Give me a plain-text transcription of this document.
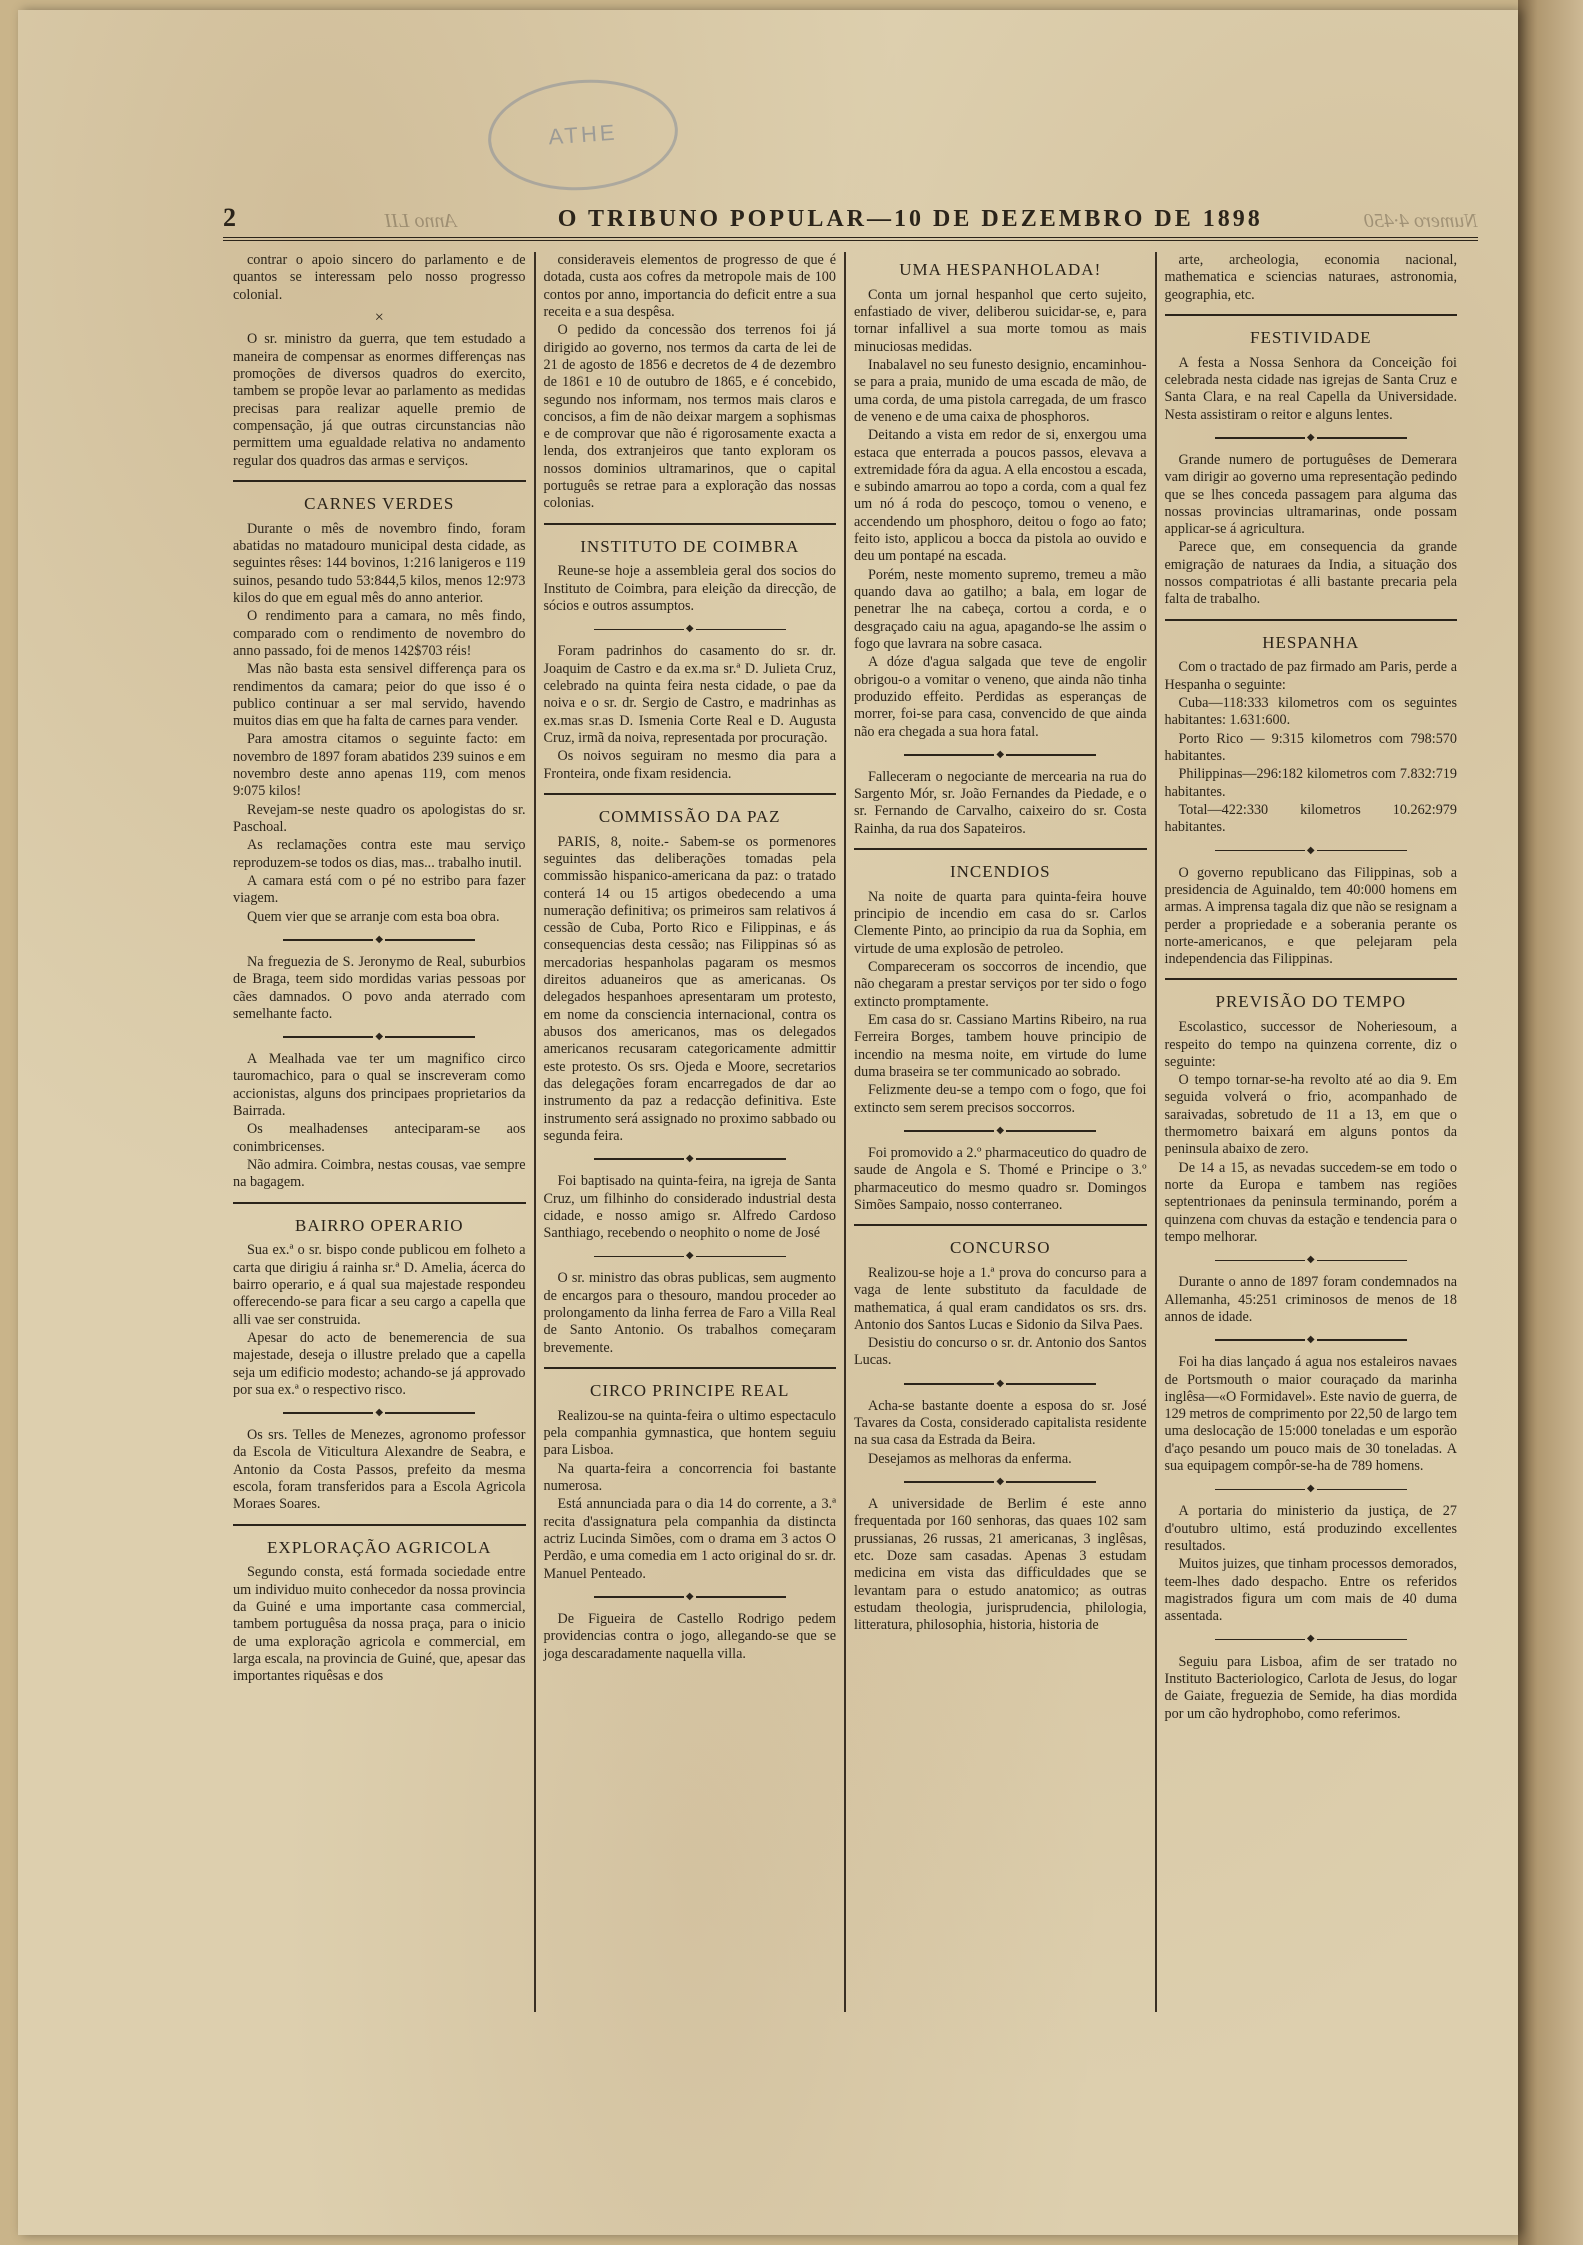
ATHE
2	Anno LII	O TRIBUNO POPULAR—10 DE DEZEMBRO DE 1898	Numero 4·450

contrar o apoio sincero do parlamento e de quantos se interessam pelo nosso progresso colonial.

×

O sr. ministro da guerra, que tem estudado a maneira de compensar as enormes differenças nas promoções de diversos quadros do exercito, tambem se propõe levar ao parlamento as medidas precisas para realizar aquelle premio de compensação, já que outras circunstancias não permittem uma egualdade relativa no andamento regular dos quadros das armas e serviços.

CARNES VERDES

Durante o mês de novembro findo, foram abatidas no matadouro municipal desta cidade, as seguintes rêses: 144 bovinos, 1:216 lanigeros e 119 suinos, pesando tudo 53:844,5 kilos, menos 12:973 kilos do que em egual mês do anno anterior.

O rendimento para a camara, no mês findo, comparado com o rendimento de novembro do anno passado, foi de menos 142$703 réis!

Mas não basta esta sensivel differença para os rendimentos da camara; peior do que isso é o publico continuar a ser mal servido, havendo muitos dias em que ha falta de carnes para vender.

Para amostra citamos o seguinte facto: em novembro de 1897 foram abatidos 239 suinos e em novembro deste anno apenas 119, com menos 9:075 kilos!

Revejam-se neste quadro os apologistas do sr. Paschoal.

As reclamações contra este mau serviço reproduzem-se todos os dias, mas... trabalho inutil.

A camara está com o pé no estribo para fazer viagem.

Quem vier que se arranje com esta boa obra.

◆

Na freguezia de S. Jeronymo de Real, suburbios de Braga, teem sido mordidas varias pessoas por cães damnados. O povo anda aterrado com semelhante facto.

◆

A Mealhada vae ter um magnifico circo tauromachico, para o qual se inscreveram como accionistas, alguns dos principaes proprietarios da Bairrada.

Os mealhadenses anteciparam-se aos conimbricenses.

Não admira. Coimbra, nestas cousas, vae sempre na bagagem.

BAIRRO OPERARIO

Sua ex.ª o sr. bispo conde publicou em folheto a carta que dirigiu á rainha sr.ª D. Amelia, ácerca do bairro operario, e á qual sua majestade respondeu offerecendo-se para ficar a seu cargo a capella que alli vae ser construida.

Apesar do acto de benemerencia de sua majestade, deseja o illustre prelado que a capella seja um edificio modesto; achando-se já approvado por sua ex.ª o respectivo risco.

◆

Os srs. Telles de Menezes, agronomo professor da Escola de Viticultura Alexandre de Seabra, e Antonio da Costa Passos, prefeito da mesma escola, foram transferidos para a Escola Agricola Moraes Soares.

EXPLORAÇÃO AGRICOLA

Segundo consta, está formada sociedade entre um individuo muito conhecedor da nossa provincia da Guiné e uma importante casa commercial, tambem portuguêsa da nossa praça, para o inicio de uma exploração agricola e commercial, em larga escala, na provincia de Guiné, que, apesar das importantes riquêsas e dos

consideraveis elementos de progresso de que é dotada, custa aos cofres da metropole mais de 100 contos por anno, importancia do deficit entre a sua receita e a sua despêsa.

O pedido da concessão dos terrenos foi já dirigido ao governo, nos termos da carta de lei de 21 de agosto de 1856 e decretos de 4 de dezembro de 1861 e 10 de outubro de 1865, e é concebido, segundo nos informam, nos termos mais claros e concisos, a fim de não deixar margem a sophismas e de comprovar que não é rigorosamente exacta a lenda, dos extranjeiros que tanto exploram os nossos dominios ultramarinos, que o capital português se retrae para a exploração das nossas colonias.

INSTITUTO DE COIMBRA

Reune-se hoje a assembleia geral dos socios do Instituto de Coimbra, para eleição da direcção, de sócios e outros assumptos.

◆

Foram padrinhos do casamento do sr. dr. Joaquim de Castro e da ex.ma sr.ª D. Julieta Cruz, celebrado na quinta feira nesta cidade, o pae da noiva e o sr. dr. Sergio de Castro, e madrinhas as ex.mas sr.as D. Ismenia Corte Real e D. Augusta Cruz, irmã da noiva, representada por procuração.

Os noivos seguiram no mesmo dia para a Fronteira, onde fixam residencia.

COMMISSÃO DA PAZ

PARIS, 8, noite.- Sabem-se os pormenores seguintes das deliberações tomadas pela commissão hispanico-americana da paz: o tratado conterá 14 ou 15 artigos obedecendo a uma numeração definitiva; os primeiros sam relativos á cessão de Cuba, Porto Rico e Filippinas, e ás consequencias desta cessão; nas Filippinas só as mercadorias hespanholas pagaram os mesmos direitos aduaneiros que as americanas. Os delegados hespanhoes apresentaram um protesto, em nome da consciencia internacional, contra os abusos dos americanos, mas os delegados americanos recusaram categoricamente admittir este protesto. Os srs. Ojeda e Moore, secretarios das delegações foram encarregados de dar ao instrumento da paz a redacção definitiva. Este instrumento será assignado no proximo sabbado ou segunda feira.

◆

Foi baptisado na quinta-feira, na igreja de Santa Cruz, um filhinho do considerado industrial desta cidade, e nosso amigo sr. Alfredo Cardoso Santhiago, recebendo o neophito o nome de José

◆

O sr. ministro das obras publicas, sem augmento de encargos para o thesouro, mandou proceder ao prolongamento da linha ferrea de Faro a Villa Real de Santo Antonio. Os trabalhos começaram brevemente.

CIRCO PRINCIPE REAL

Realizou-se na quinta-feira o ultimo espectaculo pela companhia gymnastica, que hontem seguiu para Lisboa.

Na quarta-feira a concorrencia foi bastante numerosa.

Está annunciada para o dia 14 do corrente, a 3.ª recita d'assignatura pela companhia da distincta actriz Lucinda Simões, com o drama em 3 actos O Perdão, e uma comedia em 1 acto original do sr. dr. Manuel Penteado.

◆

De Figueira de Castello Rodrigo pedem providencias contra o jogo, allegando-se que se joga descaradamente naquella villa.

UMA HESPANHOLADA!

Conta um jornal hespanhol que certo sujeito, enfastiado de viver, deliberou suicidar-se, e, para tornar infallivel a sua morte tomou as mais minuciosas medidas.

Inabalavel no seu funesto designio, encaminhou-se para a praia, munido de uma escada de mão, de uma corda, de uma pistola carregada, de um frasco de veneno e de uma caixa de phosphoros.

Deitando a vista em redor de si, enxergou uma estaca que enterrada a poucos passos, elevava a extremidade fóra da agua. A ella encostou a escada, e subindo amarrou ao topo a corda, com a qual fez um nó á roda do pescoço, tomou o veneno, e accendendo um phosphoro, deitou o fogo ao fato; feito isto, applicou a bocca da pistola ao ouvido e deu um pontapé na escada.

Porém, neste momento supremo, tremeu a mão quando dava ao gatilho; a bala, em logar de penetrar lhe na cabeça, cortou a corda, e o desgraçado caiu na agua, apagando-se lhe assim o fogo que lavrara na sobre casaca.

A dóze d'agua salgada que teve de engolir obrigou-o a vomitar o veneno, que ainda não tinha produzido effeito. Perdidas as esperanças de morrer, foi-se para casa, convencido de que ainda não era chegada a sua hora fatal.

◆

Falleceram o negociante de mercearia na rua do Sargento Mór, sr. João Fernandes da Piedade, e o sr. Fernando de Carvalho, caixeiro do sr. Costa Rainha, da rua dos Sapateiros.

INCENDIOS

Na noite de quarta para quinta-feira houve principio de incendio em casa do sr. Carlos Clemente Pinto, ao principio da rua da Sophia, em virtude de uma explosão de petroleo.

Compareceram os soccorros de incendio, que não chegaram a prestar serviços por ter sido o fogo extincto promptamente.

Em casa do sr. Cassiano Martins Ribeiro, na rua Ferreira Borges, tambem houve principio de incendio na mesma noite, em virtude do lume duma braseira se ter communicado ao sobrado.

Felizmente deu-se a tempo com o fogo, que foi extincto sem serem precisos soccorros.

◆

Foi promovido a 2.º pharmaceutico do quadro de saude de Angola e S. Thomé e Principe o 3.º pharmaceutico do mesmo quadro sr. Domingos Simões Sampaio, nosso conterraneo.

CONCURSO

Realizou-se hoje a 1.ª prova do concurso para a vaga de lente substituto da faculdade de mathematica, á qual eram candidatos os srs. drs. Antonio dos Santos Lucas e Sidonio da Silva Paes.

Desistiu do concurso o sr. dr. Antonio dos Santos Lucas.

◆

Acha-se bastante doente a esposa do sr. José Tavares da Costa, considerado capitalista residente na sua casa da Estrada da Beira.

Desejamos as melhoras da enferma.

◆

A universidade de Berlim é este anno frequentada por 160 senhoras, das quaes 102 sam prussianas, 26 russas, 21 americanas, 3 inglêsas, etc. Doze sam casadas. Apenas 3 estudam medicina em vista das difficuldades que se levantam para o estudo anatomico; as outras estudam theologia, jurisprudencia, philologia, litteratura, philosophia, historia, historia de

arte, archeologia, economia nacional, mathematica e sciencias naturaes, astronomia, geographia, etc.

FESTIVIDADE

A festa a Nossa Senhora da Conceição foi celebrada nesta cidade nas igrejas de Santa Cruz e Santa Clara, e na real Capella da Universidade. Nesta assistiram o reitor e alguns lentes.

◆

Grande numero de portuguêses de Demerara vam dirigir ao governo uma representação pedindo que se lhes conceda passagem para alguma das nossas provincias ultramarinas, onde possam applicar-se á agricultura.

Parece que, em consequencia da grande emigração de naturaes da India, a situação dos nossos compatriotas é alli bastante precaria pela falta de trabalho.

HESPANHA

Com o tractado de paz firmado am Paris, perde a Hespanha o seguinte:

Cuba—118:333 kilometros com os seguintes habitantes: 1.631:600.

Porto Rico — 9:315 kilometros com 798:570 habitantes.

Philippinas—296:182 kilometros com 7.832:719 habitantes.

Total—422:330 kilometros 10.262:979 habitantes.

◆

O governo republicano das Filippinas, sob a presidencia de Aguinaldo, tem 40:000 homens em armas. A imprensa tagala diz que não se resignam a perder a propriedade e a soberania perante os norte-americanos, e que pelejaram pela independencia das Filippinas.

PREVISÃO DO TEMPO

Escolastico, successor de Noheriesoum, a respeito do tempo na quinzena corrente, diz o seguinte:

O tempo tornar-se-ha revolto até ao dia 9. Em seguida volverá o frio, acompanhado de saraivadas, sobretudo de 11 a 13, em que o thermometro baixará em alguns pontos da peninsula abaixo de zero.

De 14 a 15, as nevadas succedem-se em todo o norte da Europa e tambem nas regiões septentrionaes da peninsula terminando, porém a quinzena com chuvas da estação e tendencia para o tempo melhorar.

◆

Durante o anno de 1897 foram condemnados na Allemanha, 45:251 criminosos de menos de 18 annos de idade.

◆

Foi ha dias lançado á agua nos estaleiros navaes de Portsmouth o maior couraçado da marinha inglêsa—«O Formidavel». Este navio de guerra, de 129 metros de comprimento por 22,50 de largo tem uma deslocação de 15:000 toneladas e um esporão d'aço pesando um pouco mais de 30 toneladas. A sua equipagem compôr-se-ha de 789 homens.

◆

A portaria do ministerio da justiça, de 27 d'outubro ultimo, está produzindo excellentes resultados.

Muitos juizes, que tinham processos demorados, teem-lhes dado despacho. Entre os referidos magistrados figura um com mais de 40 duma assentada.

◆

Seguiu para Lisboa, afim de ser tratado no Instituto Bacteriologico, Carlota de Jesus, do logar de Gaiate, freguezia de Semide, ha dias mordida por um cão hydrophobo, como referimos.
